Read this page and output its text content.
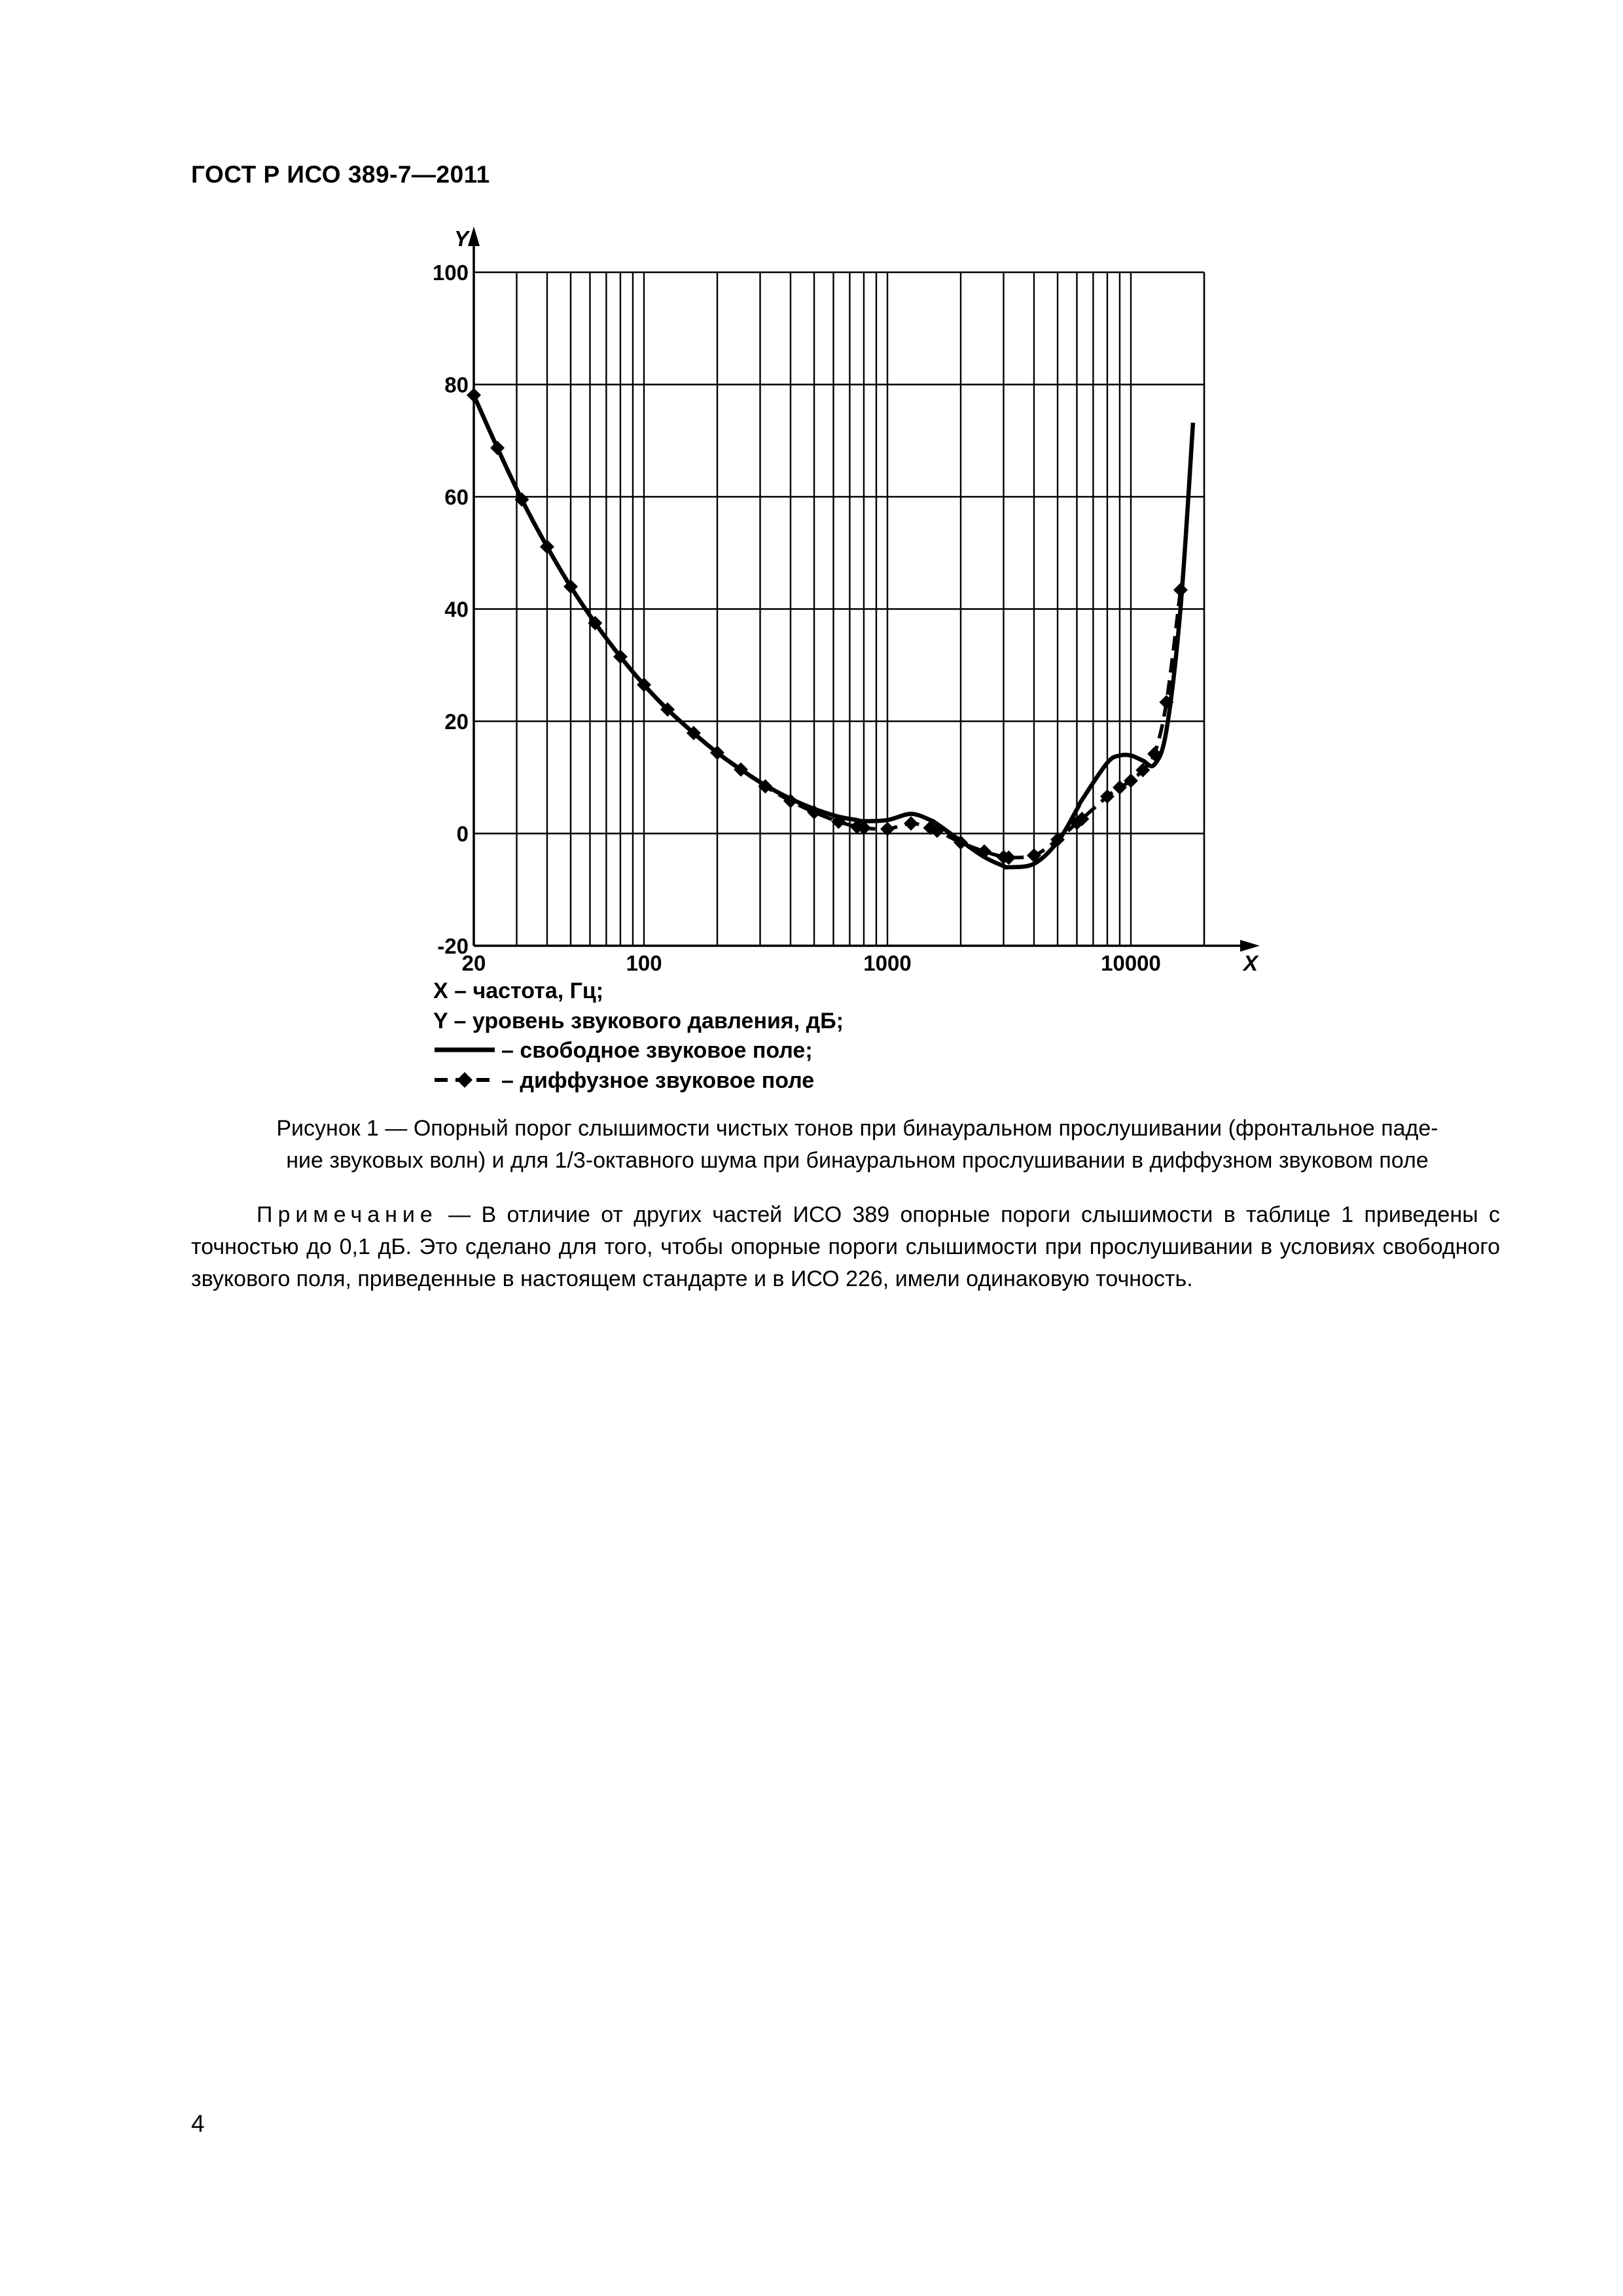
ГОСТ Р ИСО 389-7—2011
-20
0
20
40
60
80
100
20	100	1000	10000
Y
X
X – частота, Гц;
Y – уровень звукового давления, дБ;
– свободное звуковое поле;
– диффузное звуковое поле
Рисунок 1 — Опорный порог слышимости чистых тонов при бинауральном прослушивании (фронтальное паде-
ние звуковых волн) и для 1/3-октавного шума при бинауральном прослушивании в диффузном звуковом поле
Примечание — В отличие от других частей ИСО 389 опорные пороги слышимости в таблице 1 приведены с точностью до 0,1 дБ. Это сделано для того, чтобы опорные пороги слышимости при прослушивании в условиях свободного звукового поля, приведенные в настоящем стандарте и в ИСО 226, имели одинаковую точность.
4
